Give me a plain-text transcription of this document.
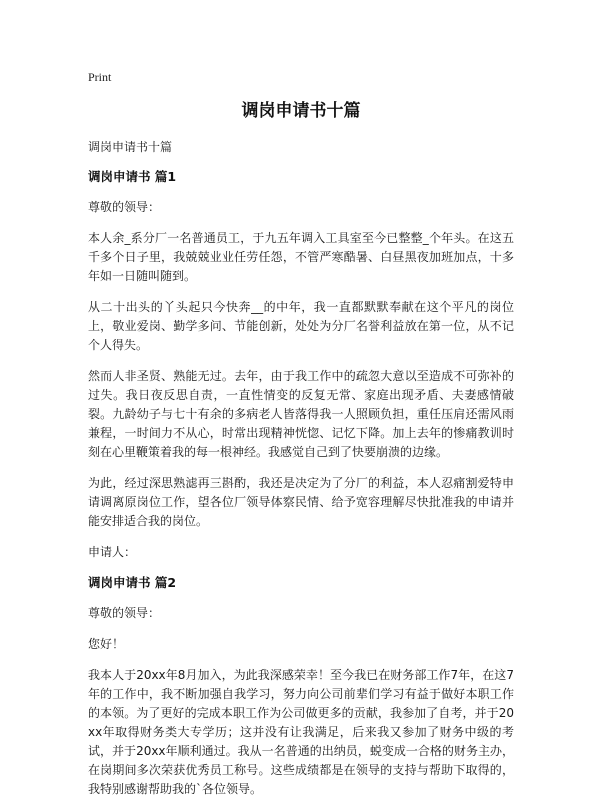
Print
调岗申请书十篇
调岗申请书十篇
调岗申请书 篇1

尊敬的领导：

本人余_系分厂一名普通员工，于九五年调入工具室至今已整整_个年头。在这五千多个日子里，我兢兢业业任劳任怨，不管严寒酷暑、白昼黑夜加班加点，十多年如一日随叫随到。

从二十出头的丫头起只今快奔__的中年，我一直都默默奉献在这个平凡的岗位上，敬业爱岗、勤学多问、节能创新，处处为分厂名誉利益放在第一位，从不记个人得失。

然而人非圣贤、熟能无过。去年，由于我工作中的疏忽大意以至造成不可弥补的过失。我日夜反思自责，一直性情变的反复无常、家庭出现矛盾、夫妻感情破裂。九龄幼子与七十有余的多病老人皆落得我一人照顾负担，重任压肩还需风雨兼程，一时间力不从心，时常出现精神恍惚、记忆下降。加上去年的惨痛教训时刻在心里鞭策着我的每一根神经。我感觉自己到了快要崩溃的边缘。

为此，经过深思熟滤再三斟酌，我还是决定为了分厂的利益，本人忍痛割爱特申请调离原岗位工作，望各位厂领导体察民情、给予宽容理解尽快批准我的申请并能安排适合我的岗位。

申请人：

调岗申请书 篇2

尊敬的领导：

您好！

我本人于20xx年8月加入，为此我深感荣幸！至今我已在财务部工作7年，在这7年的工作中，我不断加强自我学习，努力向公司前辈们学习有益于做好本职工作的本领。为了更好的完成本职工作为公司做更多的贡献，我参加了自考，并于20xx年取得财务类大专学历；这并没有让我满足，后来我又参加了财务中级的考试，并于20xx年顺利通过。我从一名普通的出纳员，蜕变成一合格的财务主办，在岗期间多次荣获优秀员工称号。这些成绩都是在领导的支持与帮助下取得的，我特别感谢帮助我的`各位领导。
